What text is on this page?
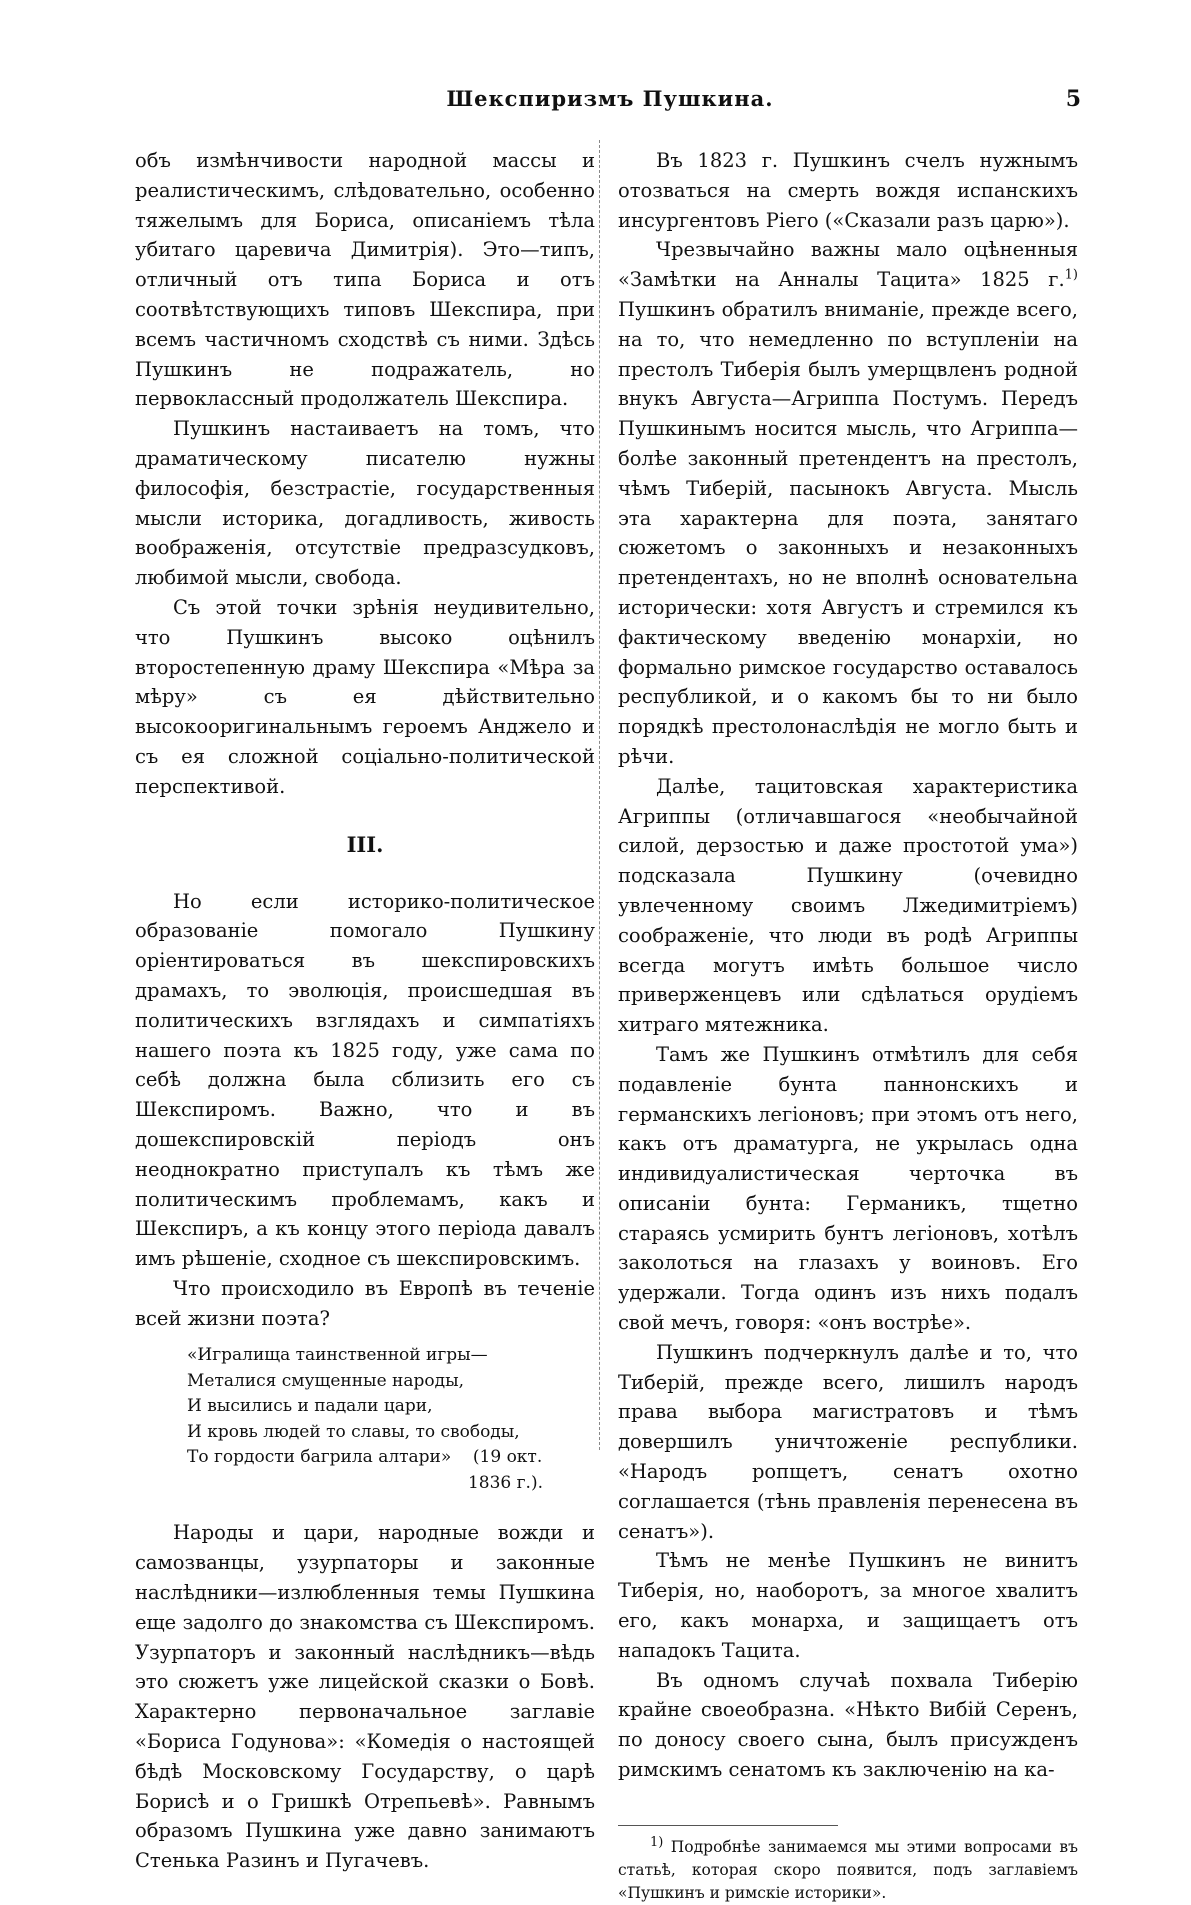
Шекспиризмъ Пушкина.	5

объ измѣнчивости народной массы и реалистическимъ, слѣдовательно, особенно тяжелымъ для Бориса, описаніемъ тѣла убитаго царевича Димитрія). Это—типъ, отличный отъ типа Бориса и отъ соотвѣтствующихъ типовъ Шекспира, при всемъ частичномъ сходствѣ съ ними. Здѣсь Пушкинъ не подражатель, но первоклассный продолжатель Шекспира.

Пушкинъ настаиваетъ на томъ, что драматическому писателю нужны философія, безстрастіе, государственныя мысли историка, догадливость, живость воображенія, отсутствіе предразсудковъ, любимой мысли, свобода.

Съ этой точки зрѣнія неудивительно, что Пушкинъ высоко оцѣнилъ второстепенную драму Шекспира «Мѣра за мѣру» съ ея дѣйствительно высокооригинальнымъ героемъ Анджело и съ ея сложной соціально-политической перспективой.

III.

Но если историко-политическое образованіе помогало Пушкину оріентироваться въ шекспировскихъ драмахъ, то эволюція, происшедшая въ политическихъ взглядахъ и симпатіяхъ нашего поэта къ 1825 году, уже сама по себѣ должна была сблизить его съ Шекспиромъ. Важно, что и въ дошекспировскій періодъ онъ неоднократно приступалъ къ тѣмъ же политическимъ проблемамъ, какъ и Шекспиръ, а къ концу этого періода давалъ имъ рѣшеніе, сходное съ шекспировскимъ.

Что происходило въ Европѣ въ теченіе всей жизни поэта?

«Игралища таинственной игры—
Металися смущенные народы,
И высились и падали цари,
И кровь людей то славы, то свободы,
То гордости багрила алтари» (19 окт.
1836 г.).

Народы и цари, народные вожди и самозванцы, узурпаторы и законные наслѣдники—излюбленныя темы Пушкина еще задолго до знакомства съ Шекспиромъ. Узурпаторъ и законный наслѣдникъ—вѣдь это сюжетъ уже лицейской сказки о Бовѣ. Характерно первоначальное заглавіе «Бориса Годунова»: «Комедія о настоящей бѣдѣ Московскому Государству, о царѣ Борисѣ и о Гришкѣ Отрепьевѣ». Равнымъ образомъ Пушкина уже давно занимаютъ Стенька Разинъ и Пугачевъ.

Въ 1823 г. Пушкинъ счелъ нужнымъ отозваться на смерть вождя испанскихъ инсургентовъ Ріего («Сказали разъ царю»).

Чрезвычайно важны мало оцѣненныя «Замѣтки на Анналы Тацита» 1825 г.$^{1)}$ Пушкинъ обратилъ вниманіе, прежде всего, на то, что немедленно по вступленіи на престолъ Тиберія былъ умерщвленъ родной внукъ Августа—Агриппа Постумъ. Передъ Пушкинымъ носится мысль, что Агриппа—болѣе законный претендентъ на престолъ, чѣмъ Тиберій, пасынокъ Августа. Мысль эта характерна для поэта, занятаго сюжетомъ о законныхъ и незаконныхъ претендентахъ, но не вполнѣ основательна исторически: хотя Августъ и стремился къ фактическому введенію монархіи, но формально римское государство оставалось республикой, и о какомъ бы то ни было порядкѣ престолонаслѣдія не могло быть и рѣчи.

Далѣе, тацитовская характеристика Агриппы (отличавшагося «необычайной силой, дерзостью и даже простотой ума») подсказала Пушкину (очевидно увлеченному своимъ Лжедимитріемъ) соображеніе, что люди въ родѣ Агриппы всегда могутъ имѣть большое число приверженцевъ или сдѣлаться орудіемъ хитраго мятежника.

Тамъ же Пушкинъ отмѣтилъ для себя подавленіе бунта паннонскихъ и германскихъ легіоновъ; при этомъ отъ него, какъ отъ драматурга, не укрылась одна индивидуалистическая черточка въ описаніи бунта: Германикъ, тщетно стараясь усмирить бунтъ легіоновъ, хотѣлъ заколоться на глазахъ у воиновъ. Его удержали. Тогда одинъ изъ нихъ подалъ свой мечъ, говоря: «онъ вострѣе».

Пушкинъ подчеркнулъ далѣе и то, что Тиберій, прежде всего, лишилъ народъ права выбора магистратовъ и тѣмъ довершилъ уничтоженіе республики. «Народъ ропщетъ, сенатъ охотно соглашается (тѣнь правленія перенесена въ сенатъ»).

Тѣмъ не менѣе Пушкинъ не винитъ Тиберія, но, наоборотъ, за многое хвалитъ его, какъ монарха, и защищаетъ отъ нападокъ Тацита.

Въ одномъ случаѣ похвала Тиберію крайне своеобразна. «Нѣкто Вибій Серенъ, по доносу своего сына, былъ присужденъ римскимъ сенатомъ къ заключенію на ка-

$^{1)}$ Подробнѣе занимаемся мы этими вопросами въ статьѣ, которая скоро появится, подъ заглавіемъ «Пушкинъ и римскіе историки».
